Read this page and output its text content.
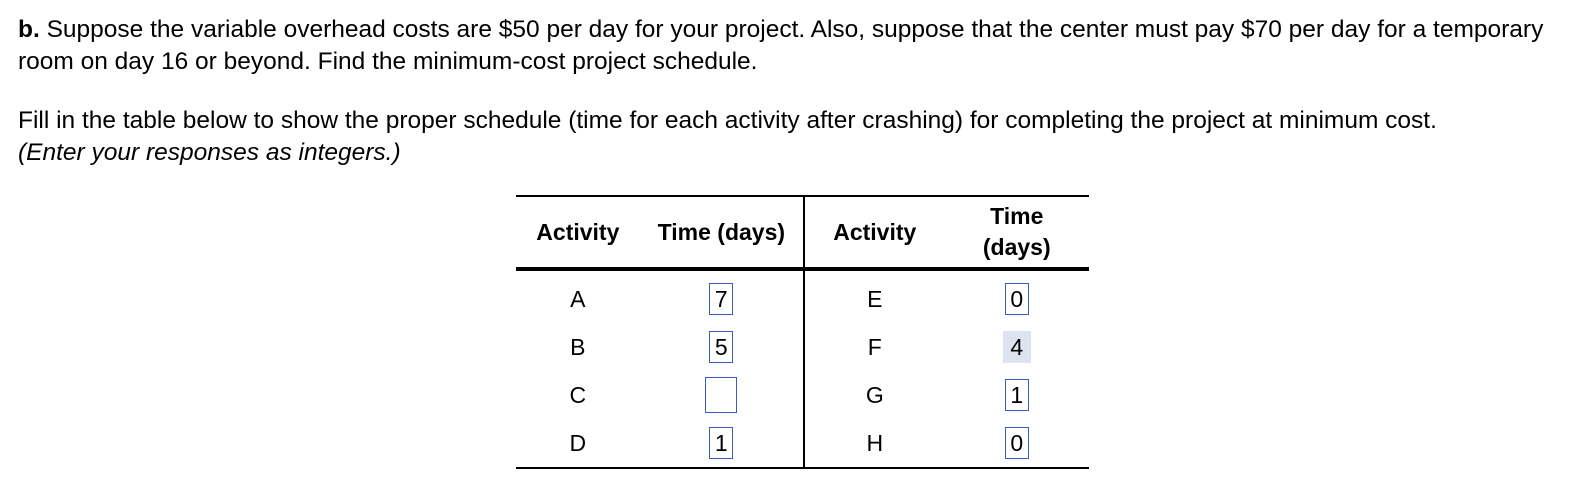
b. Suppose the variable overhead costs are $50 per day for your project. Also, suppose that the center must pay $70 per day for a temporary room on day 16 or beyond. Find the minimum-cost project schedule.
Fill in the table below to show the proper schedule (time for each activity after crashing) for completing the project at minimum cost.
(Enter your responses as integers.)
Activity	Time (days)	Activity	Time
(days)
A	7	E	0
B	5	F	4
C		G	1
D	1	H	0
